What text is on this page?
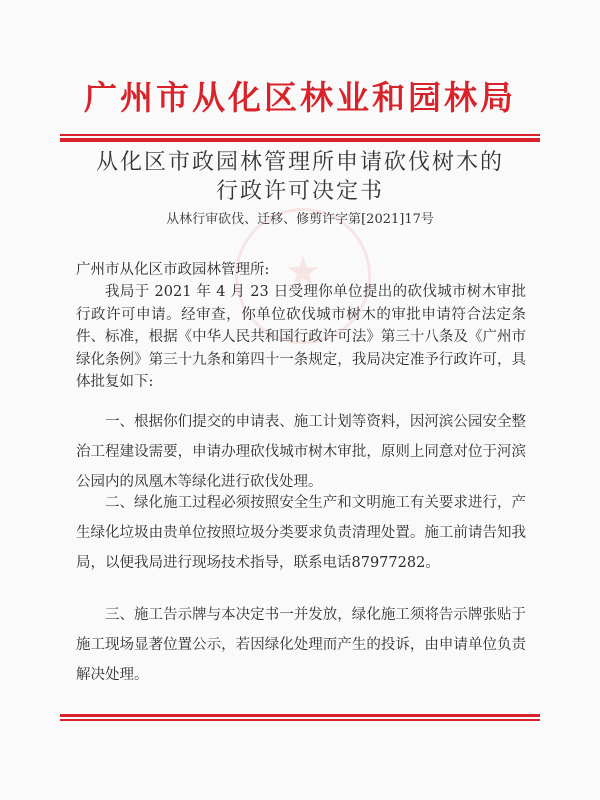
广州市从化区林业和园林局
★
从化区市政园林管理所申请砍伐树木的
行政许可决定书
从林行审砍伐、迁移、修剪许字第[2021]17号

广州市从化区市政园林管理所:

我局于 2021 年 4 月 23 日受理你单位提出的砍伐城市树木审批行政许可申请。经审查，你单位砍伐城市树木的审批申请符合法定条件、标准，根据《中华人民共和国行政许可法》第三十八条及《广州市绿化条例》第三十九条和第四十一条规定，我局决定准予行政许可，具体批复如下:

一、根据你们提交的申请表、施工计划等资料，因河滨公园安全整治工程建设需要，申请办理砍伐城市树木审批，原则上同意对位于河滨公园内的凤凰木等绿化进行砍伐处理。

二、绿化施工过程必须按照安全生产和文明施工有关要求进行，产生绿化垃圾由贵单位按照垃圾分类要求负责清理处置。施工前请告知我局，以便我局进行现场技术指导，联系电话87977282。

三、施工告示牌与本决定书一并发放，绿化施工须将告示牌张贴于施工现场显著位置公示，若因绿化处理而产生的投诉，由申请单位负责解决处理。
